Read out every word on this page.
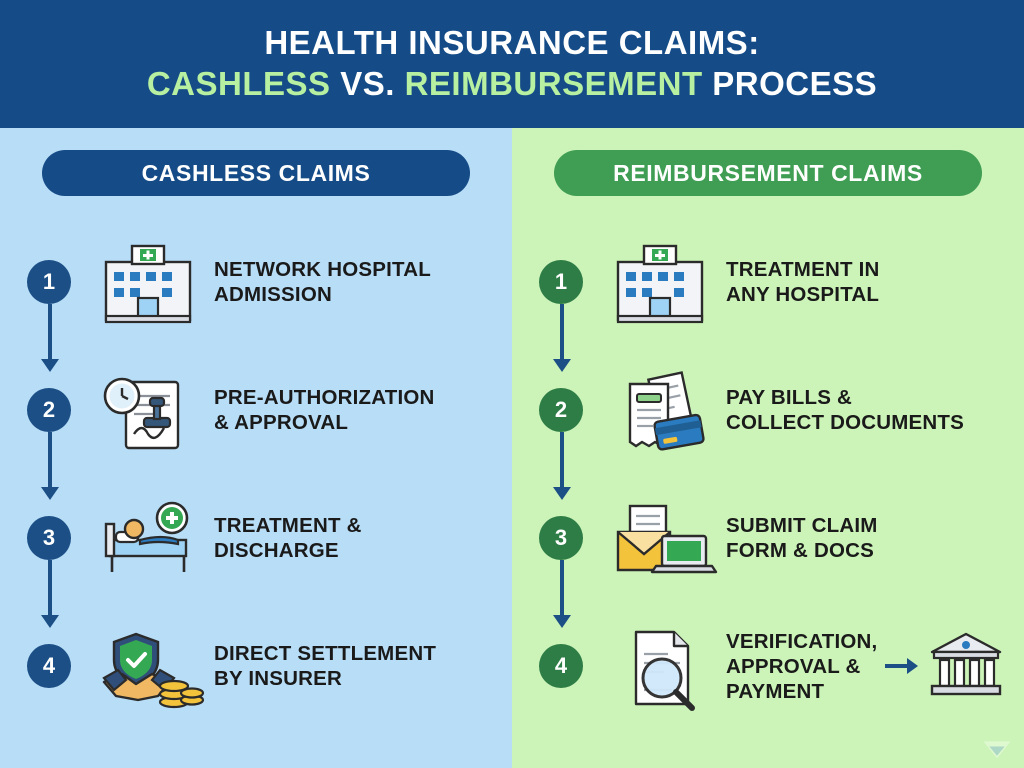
HEALTH INSURANCE CLAIMS:
CASHLESS VS. REIMBURSEMENT PROCESS
CASHLESS CLAIMS
1	NETWORK HOSPITAL
ADMISSION
2	PRE-AUTHORIZATION
& APPROVAL
3	TREATMENT &
DISCHARGE
4	DIRECT SETTLEMENT
BY INSURER
REIMBURSEMENT CLAIMS
1	TREATMENT IN
ANY HOSPITAL
2	PAY BILLS &
COLLECT DOCUMENTS
3	SUBMIT CLAIM
FORM & DOCS
4
VERIFICATION,
APPROVAL &
PAYMENT
